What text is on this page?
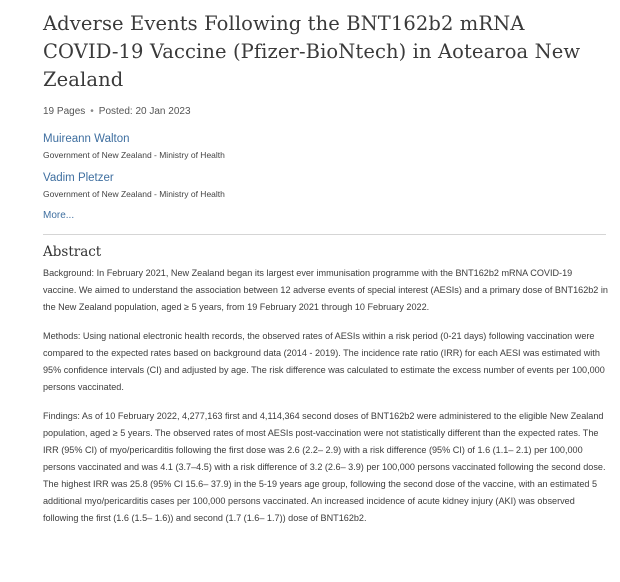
Adverse Events Following the BNT162b2 mRNA COVID-19 Vaccine (Pfizer-BioNtech) in Aotearoa New Zealand
19 Pages • Posted: 20 Jan 2023
Muireann Walton
Government of New Zealand - Ministry of Health
Vadim Pletzer
Government of New Zealand - Ministry of Health
More...
Abstract

Background: In February 2021, New Zealand began its largest ever immunisation programme with the BNT162b2 mRNA COVID-19 vaccine. We aimed to understand the association between 12 adverse events of special interest (AESIs) and a primary dose of BNT162b2 in the New Zealand population, aged ≥ 5 years, from 19 February 2021 through 10 February 2022.

Methods: Using national electronic health records, the observed rates of AESIs within a risk period (0-21 days) following vaccination were compared to the expected rates based on background data (2014 - 2019). The incidence rate ratio (IRR) for each AESI was estimated with 95% confidence intervals (CI) and adjusted by age. The risk difference was calculated to estimate the excess number of events per 100,000 persons vaccinated.

Findings: As of 10 February 2022, 4,277,163 first and 4,114,364 second doses of BNT162b2 were administered to the eligible New Zealand population, aged ≥ 5 years. The observed rates of most AESIs post-vaccination were not statistically different than the expected rates. The IRR (95% CI) of myo/pericarditis following the first dose was 2.6 (2.2– 2.9) with a risk difference (95% CI) of 1.6 (1.1– 2.1) per 100,000 persons vaccinated and was 4.1 (3.7–4.5) with a risk difference of 3.2 (2.6– 3.9) per 100,000 persons vaccinated following the second dose. The highest IRR was 25.8 (95% CI 15.6– 37.9) in the 5-19 years age group, following the second dose of the vaccine, with an estimated 5 additional myo/pericarditis cases per 100,000 persons vaccinated. An increased incidence of acute kidney injury (AKI) was observed following the first (1.6 (1.5– 1.6)) and second (1.7 (1.6– 1.7)) dose of BNT162b2.
